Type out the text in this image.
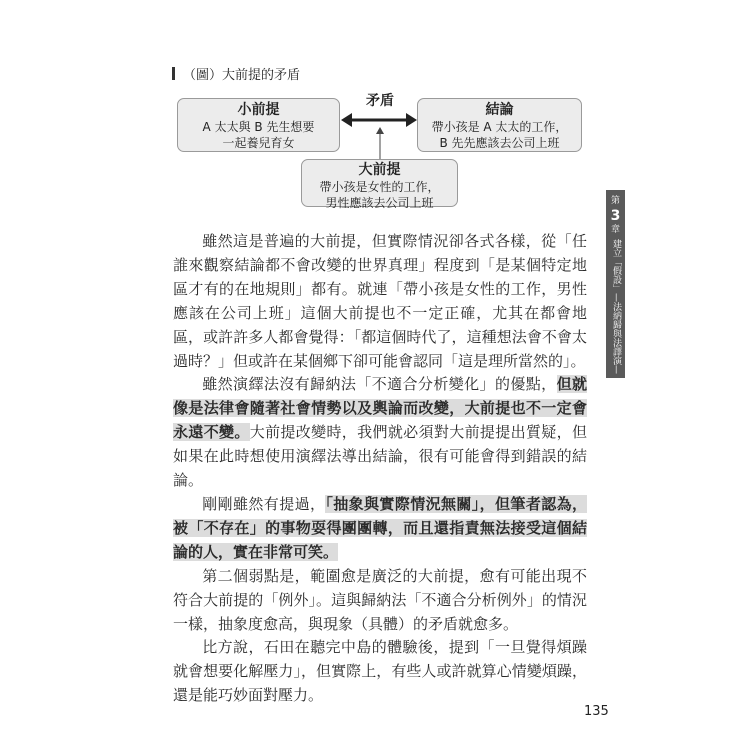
（圖）大前提的矛盾
矛盾
小前提
A 太太與 B 先生想要
一起養兒育女
結論
帶小孩是 A 太太的工作，
B 先先應該去公司上班
大前提
帶小孩是女性的工作，
男性應該去公司上班	第
3
章
建立「假設」
—法納歸與法譯演—

雖然這是普遍的大前提，但實際情況卻各式各樣，從「任誰來觀察結論都不會改變的世界真理」程度到「是某個特定地區才有的在地規則」都有。就連「帶小孩是女性的工作，男性應該在公司上班」這個大前提也不一定正確，尤其在都會地區，或許許多人都會覺得：「都這個時代了，這種想法會不會太過時？」但或許在某個鄉下卻可能會認同「這是理所當然的」。

雖然演繹法沒有歸納法「不適合分析變化」的優點，但就像是法律會隨著社會情勢以及輿論而改變，大前提也不一定會永遠不變。大前提改變時，我們就必須對大前提提出質疑，但如果在此時想使用演繹法導出結論，很有可能會得到錯誤的結論。

剛剛雖然有提過，「抽象與實際情況無關」，但筆者認為，被「不存在」的事物耍得團團轉，而且還指責無法接受這個結論的人，實在非常可笑。

第二個弱點是，範圍愈是廣泛的大前提，愈有可能出現不符合大前提的「例外」。這與歸納法「不適合分析例外」的情況一樣，抽象度愈高，與現象（具體）的矛盾就愈多。

比方說，石田在聽完中島的體驗後，提到「一旦覺得煩躁就會想要化解壓力」，但實際上，有些人或許就算心情變煩躁，還是能巧妙面對壓力。

135
